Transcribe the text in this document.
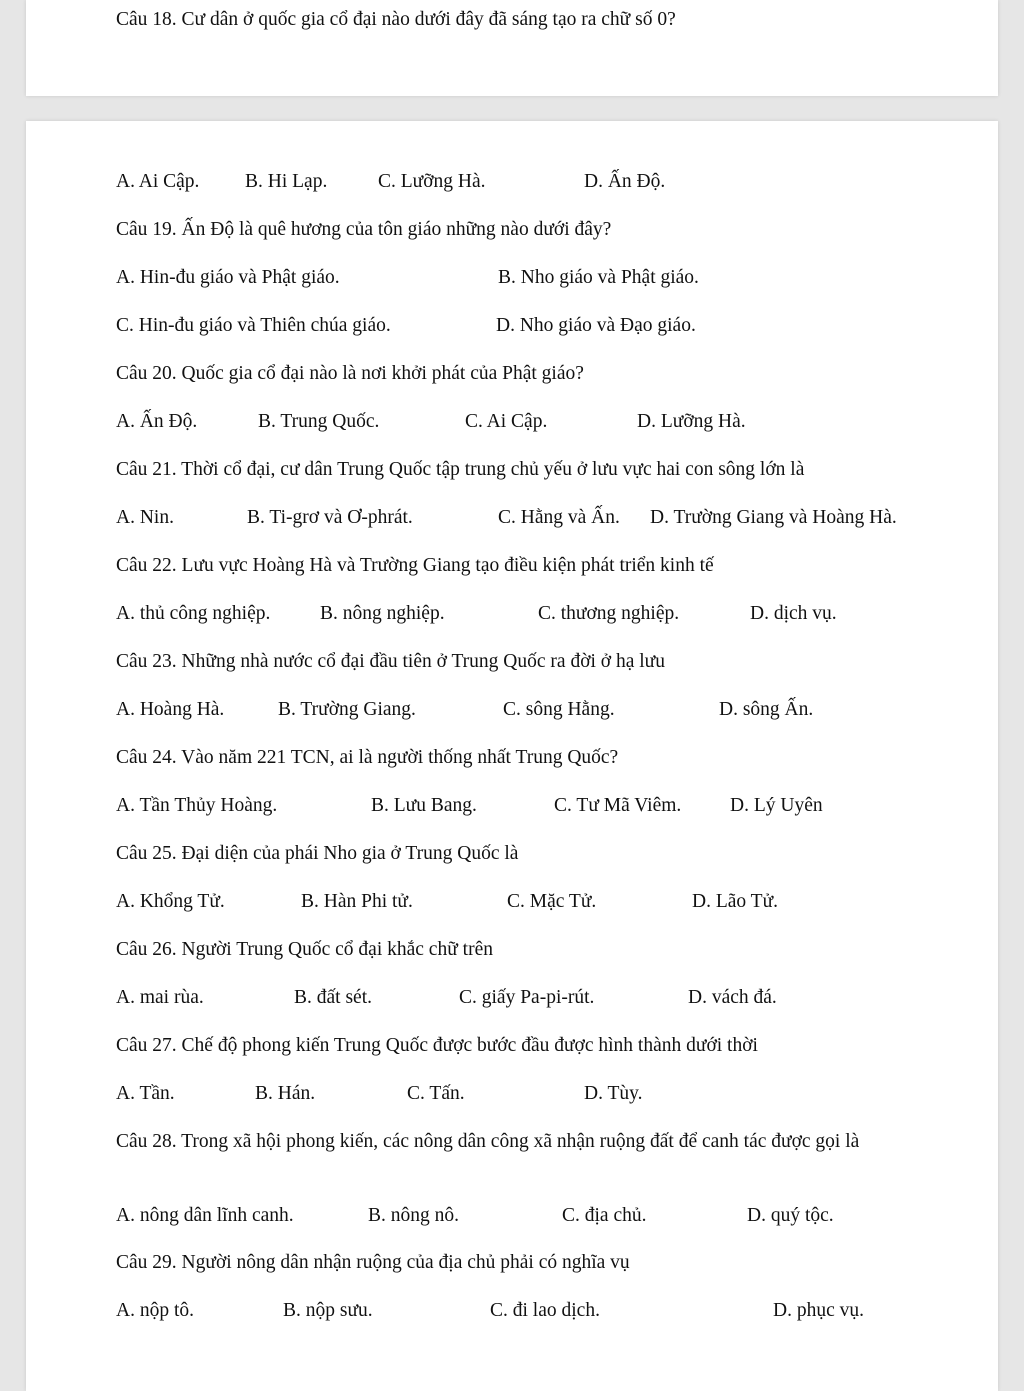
Câu 18. Cư dân ở quốc gia cổ đại nào dưới đây đã sáng tạo ra chữ số 0?
A. Ai Cập. B. Hi Lạp.	C. Lưỡng Hà.	D. Ấn Độ.
Câu 19. Ấn Độ là quê hương của tôn giáo những nào dưới đây?
A. Hin-đu giáo và Phật giáo.	B. Nho giáo và Phật giáo.
C. Hin-đu giáo và Thiên chúa giáo.	D. Nho giáo và Đạo giáo.
Câu 20. Quốc gia cổ đại nào là nơi khởi phát của Phật giáo?
A. Ấn Độ.	B. Trung Quốc.	C. Ai Cập.	D. Lưỡng Hà.
Câu 21. Thời cổ đại, cư dân Trung Quốc tập trung chủ yếu ở lưu vực hai con sông lớn là
A. Nin.	B. Ti-grơ và Ơ-phrát.	C. Hằng và Ấn. D. Trường Giang và Hoàng Hà.
Câu 22. Lưu vực Hoàng Hà và Trường Giang tạo điều kiện phát triển kinh tế
A. thủ công nghiệp.	B. nông nghiệp.	C. thương nghiệp.	D. dịch vụ.
Câu 23. Những nhà nước cổ đại đầu tiên ở Trung Quốc ra đời ở hạ lưu
A. Hoàng Hà.	B. Trường Giang.	C. sông Hằng.	D. sông Ấn.
Câu 24. Vào năm 221 TCN, ai là người thống nhất Trung Quốc?
A. Tần Thủy Hoàng.	B. Lưu Bang.	C. Tư Mã Viêm. D. Lý Uyên
Câu 25. Đại diện của phái Nho gia ở Trung Quốc là
A. Khổng Tử.	B. Hàn Phi tử.	C. Mặc Tử.	D. Lão Tử.
Câu 26. Người Trung Quốc cổ đại khắc chữ trên
A. mai rùa.	B. đất sét.	C. giấy Pa-pi-rút.	D. vách đá.
Câu 27. Chế độ phong kiến Trung Quốc được bước đầu được hình thành dưới thời
A. Tần.	B. Hán.	C. Tấn.	D. Tùy.
Câu 28. Trong xã hội phong kiến, các nông dân công xã nhận ruộng đất để canh tác được gọi là
A. nông dân lĩnh canh.	B. nông nô.	C. địa chủ.	D. quý tộc.
Câu 29. Người nông dân nhận ruộng của địa chủ phải có nghĩa vụ
A. nộp tô.	B. nộp sưu.	C. đi lao dịch.	D. phục vụ.
